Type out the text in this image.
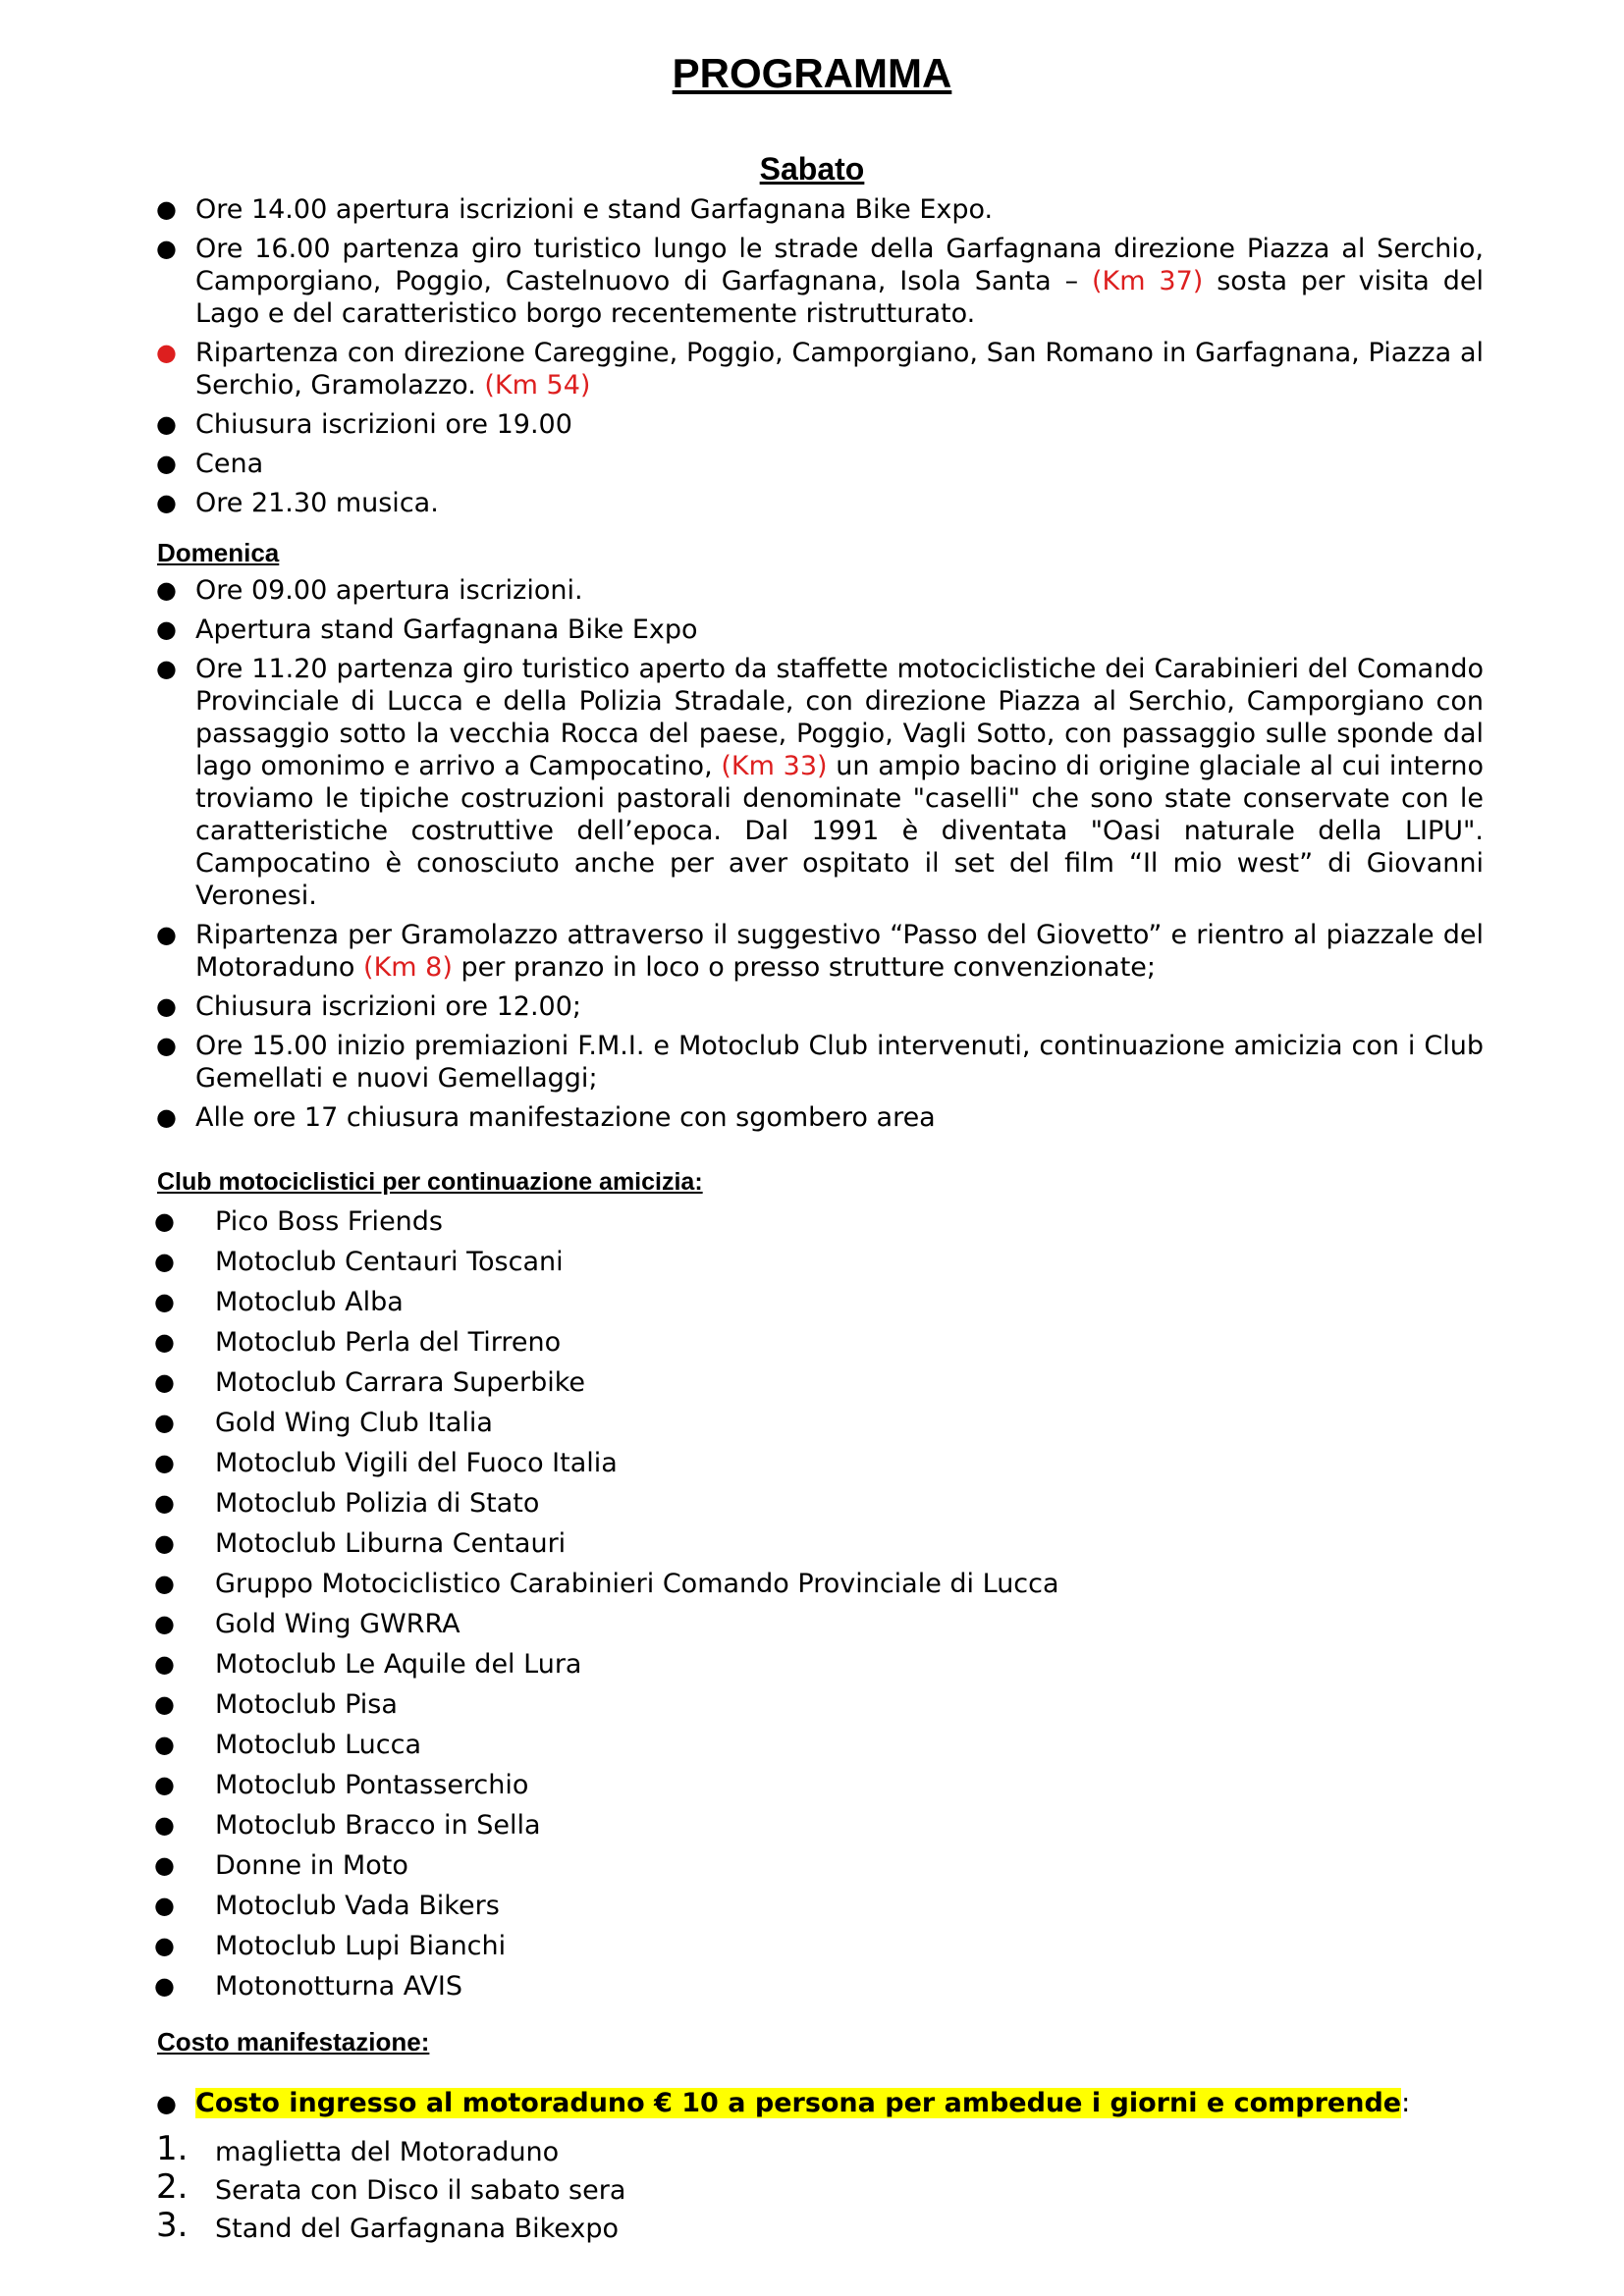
PROGRAMMA
Sabato
● Ore 14.00 apertura iscrizioni e stand Garfagnana Bike Expo.
● Ore 16.00 partenza giro turistico lungo le strade della Garfagnana direzione Piazza al Serchio, Camporgiano, Poggio, Castelnuovo di Garfagnana, Isola Santa – (Km 37) sosta per visita del Lago e del caratteristico borgo recentemente ristrutturato.
● Ripartenza con direzione Careggine, Poggio, Camporgiano, San Romano in Garfagnana, Piazza al Serchio, Gramolazzo. (Km 54)
● Chiusura iscrizioni ore 19.00
● Cena
● Ore 21.30 musica.
Domenica
● Ore 09.00 apertura iscrizioni.
● Apertura stand Garfagnana Bike Expo
● Ore 11.20 partenza giro turistico aperto da staffette motociclistiche dei Carabinieri del Comando Provinciale di Lucca e della Polizia Stradale, con direzione Piazza al Serchio, Camporgiano con passaggio sotto la vecchia Rocca del paese, Poggio, Vagli Sotto, con passaggio sulle sponde dal lago omonimo e arrivo a Campocatino, (Km 33) un ampio bacino di origine glaciale al cui interno troviamo le tipiche costruzioni pastorali denominate "caselli" che sono state conservate con le caratteristiche costruttive dell’epoca. Dal 1991 è diventata "Oasi naturale della LIPU". Campocatino è conosciuto anche per aver ospitato il set del film “Il mio west” di Giovanni Veronesi.
● Ripartenza per Gramolazzo attraverso il suggestivo “Passo del Giovetto” e rientro al piazzale del Motoraduno (Km 8) per pranzo in loco o presso strutture convenzionate;
● Chiusura iscrizioni ore 12.00;
● Ore 15.00 inizio premiazioni F.M.I. e Motoclub Club intervenuti, continuazione amicizia con i Club Gemellati e nuovi Gemellaggi;
● Alle ore 17 chiusura manifestazione con sgombero area
Club motociclistici per continuazione amicizia:
● Pico Boss Friends
● Motoclub Centauri Toscani
● Motoclub Alba
● Motoclub Perla del Tirreno
● Motoclub Carrara Superbike
● Gold Wing Club Italia
● Motoclub Vigili del Fuoco Italia
● Motoclub Polizia di Stato
● Motoclub Liburna Centauri
● Gruppo Motociclistico Carabinieri Comando Provinciale di Lucca
● Gold Wing GWRRA
● Motoclub Le Aquile del Lura
● Motoclub Pisa
● Motoclub Lucca
● Motoclub Pontasserchio
● Motoclub Bracco in Sella
● Donne in Moto
● Motoclub Vada Bikers
● Motoclub Lupi Bianchi
● Motonotturna AVIS
Costo manifestazione:
● Costo ingresso al motoraduno € 10 a persona per ambedue i giorni e comprende:
1. maglietta del Motoraduno
2. Serata con Disco il sabato sera
3. Stand del Garfagnana Bikexpo
